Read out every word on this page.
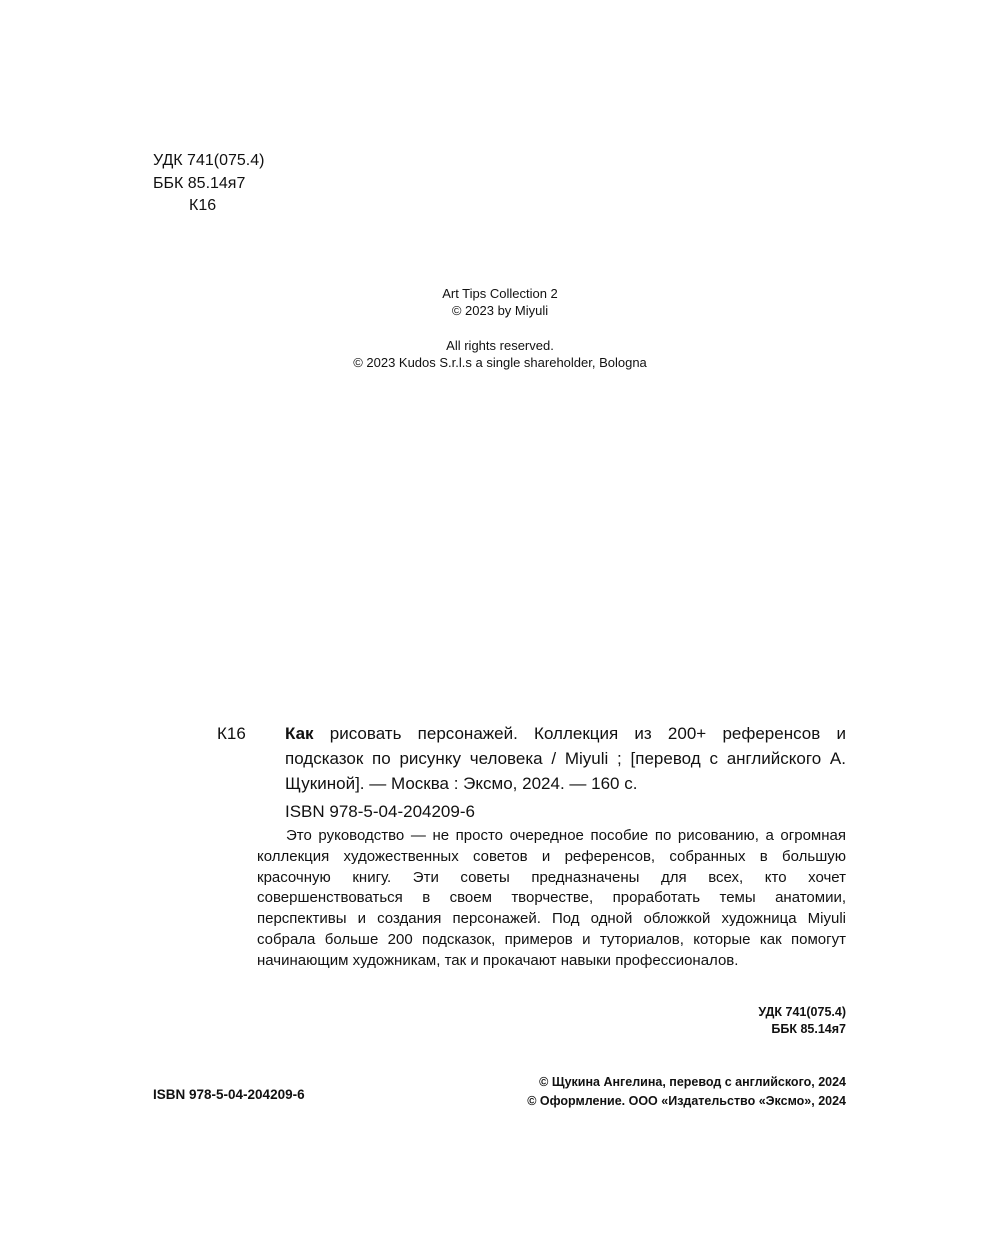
УДК 741(075.4)
ББК 85.14я7
К16
Art Tips Collection 2
© 2023 by Miyuli
All rights reserved.
© 2023 Kudos S.r.l.s a single shareholder, Bologna
К16 Как рисовать персонажей. Коллекция из 200+ референсов и подсказок по рисунку человека / Miyuli ; [перевод с английского А. Щукиной]. — Москва : Эксмо, 2024. — 160 с.
ISBN 978-5-04-204209-6
Это руководство — не просто очередное пособие по рисованию, а огромная коллекция художественных советов и референсов, собранных в большую красочную книгу. Эти советы предназначены для всех, кто хочет совершенствоваться в своем творчестве, проработать темы анатомии, перспективы и создания персонажей. Под одной обложкой художница Miyuli собрала больше 200 подсказок, примеров и туториалов, которые как помогут начинающим художникам, так и прокачают навыки профессионалов.
УДК 741(075.4)
ББК 85.14я7
ISBN 978-5-04-204209-6
© Щукина Ангелина, перевод с английского, 2024
© Оформление. ООО «Издательство «Эксмо», 2024
